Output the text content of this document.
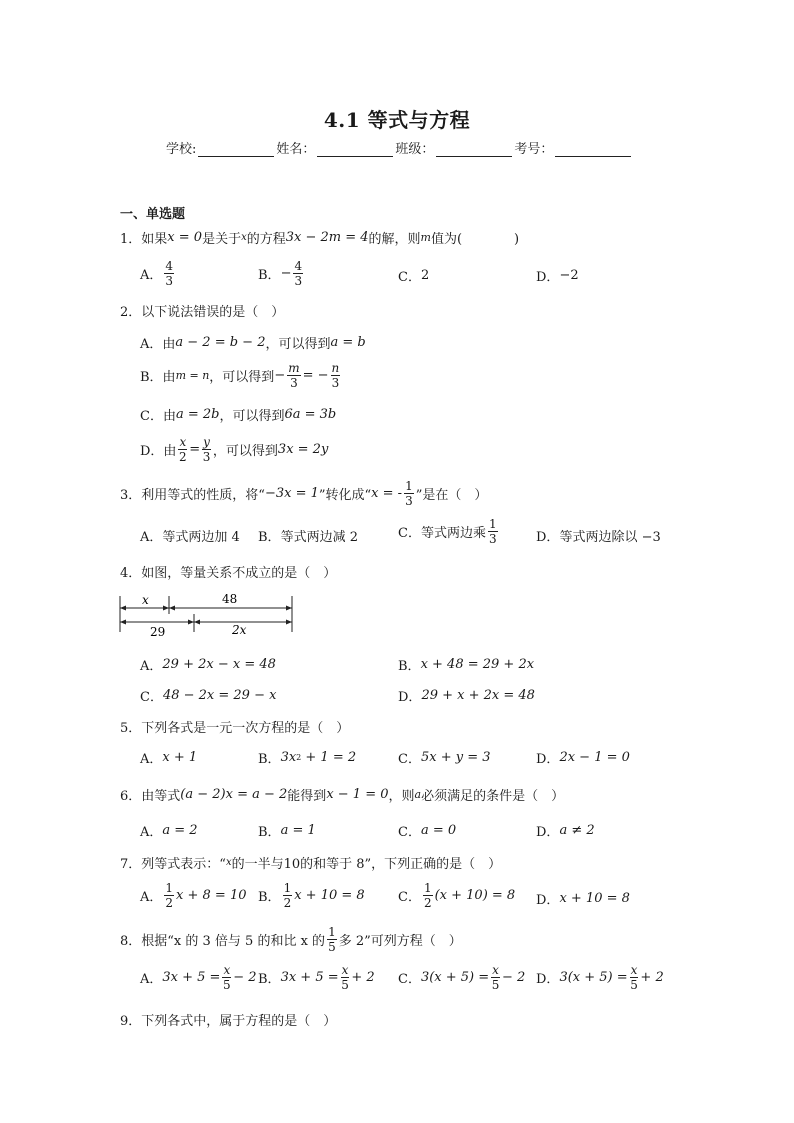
4.1 等式与方程
学校:	姓名：	班级：	考号：
一、单选题
1． 如果 x = 0 是关于 x 的方程 3x − 2m = 4 的解，则 m 值为(　　　　)
A． $\frac{4}{3}$	B． − $\frac{4}{3}$	C． 2	D． −2
2． 以下说法错误的是（　）
A．由 a − 2 = b − 2 ，可以得到 a = b
B．由 m = n ，可以得到 − $\frac{m}{3}$ = − $\frac{n}{3}$
C．由 a = 2b ，可以得到 6a = 3b
D．由 $\frac{x}{2} = \frac{y}{3}$ ，可以得到 3x = 2y
3． 利用等式的性质，将“ −3x = 1 ”转化成“ x = - $\frac{1}{3}$ ”是在（　）
A． 等式两边加 4 B． 等式两边减 2	C． 等式两边乘 $\frac{1}{3}$	D． 等式两边除以 −3
4． 如图，等量关系不成立的是（　）
x	48
29	2x
A． 29 + 2x − x = 48	B． x + 48 = 29 + 2x
C． 48 − 2x = 29 − x	D． 29 + x + 2x = 48
5． 下列各式是一元一次方程的是（　）
A． x + 1	B． 3x 2 + 1 = 2	C． 5x + y = 3	D． 2x − 1 = 0
6． 由等式 (a − 2)x = a − 2 能得到 x − 1 = 0 ，则 a 必须满足的条件是（　）
A． a = 2	B． a = 1	C． a = 0	D． a ≠ 2
7． 列等式表示：“ x 的一半与10的和等于 8”，下列正确的是（　）
A． $\frac{1}{2}$ x + 8 = 10 B． $\frac{1}{2}$ x + 10 = 8	C． $\frac{1}{2} (x + 10) = 8$ D． x + 10 = 8
8． 根据“x 的 3 倍与 5 的和比 x 的 $\frac{1}{5}$ 多 2”可列方程（　）
A． $3x + 5 = \frac{x}{5} - 2$ B． $3x + 5 = \frac{x}{5} + 2$ C． $3(x + 5) = \frac{x}{5} - 2$ D． $3(x + 5) = \frac{x}{5} + 2$
9． 下列各式中，属于方程的是（　）
